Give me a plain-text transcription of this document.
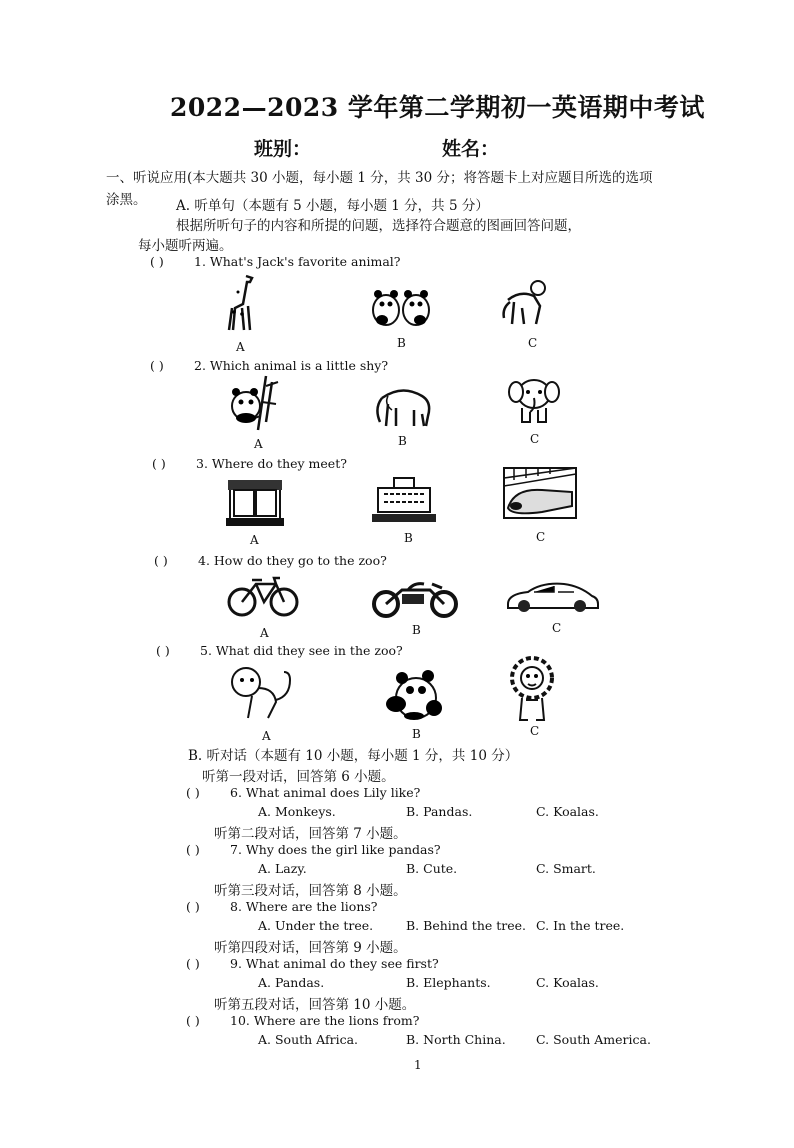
2022—2023 学年第二学期初一英语期中考试
班别：	姓名：
一、听说应用(本大题共 30 小题，每小题 1 分，共 30 分；将答题卡上对应题目所选的选项
涂黑。 A. 听单句（本题有 5 小题，每小题 1 分，共 5 分）
根据所听句子的内容和所提的问题，选择符合题意的图画回答问题，
每小题听两遍。
( ) 1. What's Jack's favorite animal?
A	B	C
( ) 2. Which animal is a little shy?
A	B	C
( ) 3. Where do they meet?
A	B	C
( ) 4. How do they go to the zoo?
A	B	C
( ) 5. What did they see in the zoo?
A	B	C
B. 听对话（本题有 10 小题，每小题 1 分，共 10 分）
听第一段对话，回答第 6 小题。
( ) 6. What animal does Lily like?
A. Monkeys.	B. Pandas.	C. Koalas.
听第二段对话，回答第 7 小题。
( ) 7. Why does the girl like pandas?
A. Lazy.	B. Cute.	C. Smart.
听第三段对话，回答第 8 小题。
( ) 8. Where are the lions?
A. Under the tree.	B. Behind the tree. C. In the tree.
听第四段对话，回答第 9 小题。
( ) 9. What animal do they see first?
A. Pandas.	B. Elephants.	C. Koalas.
听第五段对话，回答第 10 小题。
( ) 10. Where are the lions from?
A. South Africa.	B. North China. C. South America.
1
